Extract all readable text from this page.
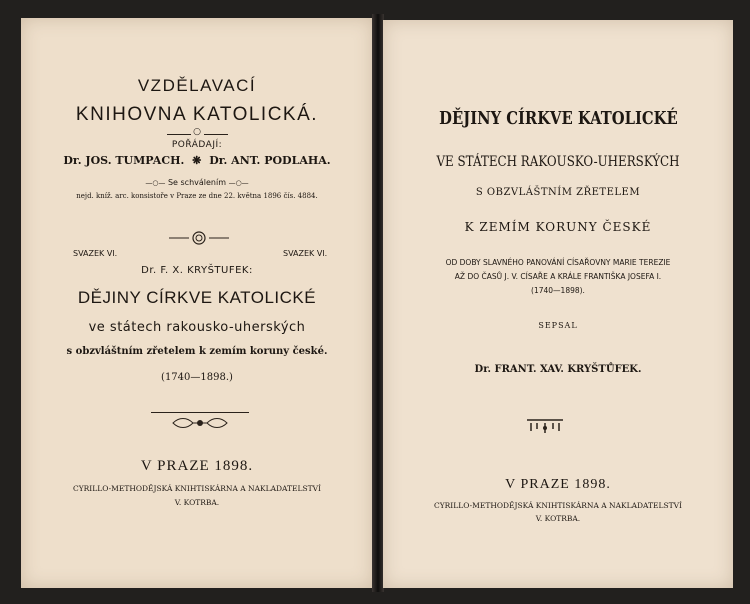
VZDĚLAVACÍ
KNIHOVNA KATOLICKÁ.
○
POŘÁDAJÍ:
Dr. JOS. TUMPACH. ❋ Dr. ANT. PODLAHA.
—○— Se schválením —○—
nejd. kníž. arc. konsistoře v Praze ze dne 22. května 1896 čís. 4884.
SVAZEK VI.	SVAZEK VI.
Dr. F. X. KRYŠTUFEK:
DĚJINY CÍRKVE KATOLICKÉ
ve státech rakousko-uherských
s obzvláštním zřetelem k zemím koruny české.
(1740—1898.)
V PRAZE 1898.
CYRILLO-METHODĚJSKÁ KNIHTISKÁRNA A NAKLADATELSTVÍ
V. KOTRBA.
DĚJINY CÍRKVE KATOLICKÉ
VE STÁTECH RAKOUSKO-UHERSKÝCH
S OBZVLÁŠTNÍM ZŘETELEM
K ZEMÍM KORUNY ČESKÉ
OD DOBY SLAVNÉHO PANOVÁNÍ CÍSAŘOVNY MARIE TEREZIE
AŽ DO ČASŮ J. V. CÍSAŘE A KRÁLE FRANTIŠKA JOSEFA I.
(1740—1898).
SEPSAL
Dr. FRANT. XAV. KRYŠTŮFEK.
V PRAZE 1898.
CYRILLO-METHODĚJSKÁ KNIHTISKÁRNA A NAKLADATELSTVÍ
V. KOTRBA.
